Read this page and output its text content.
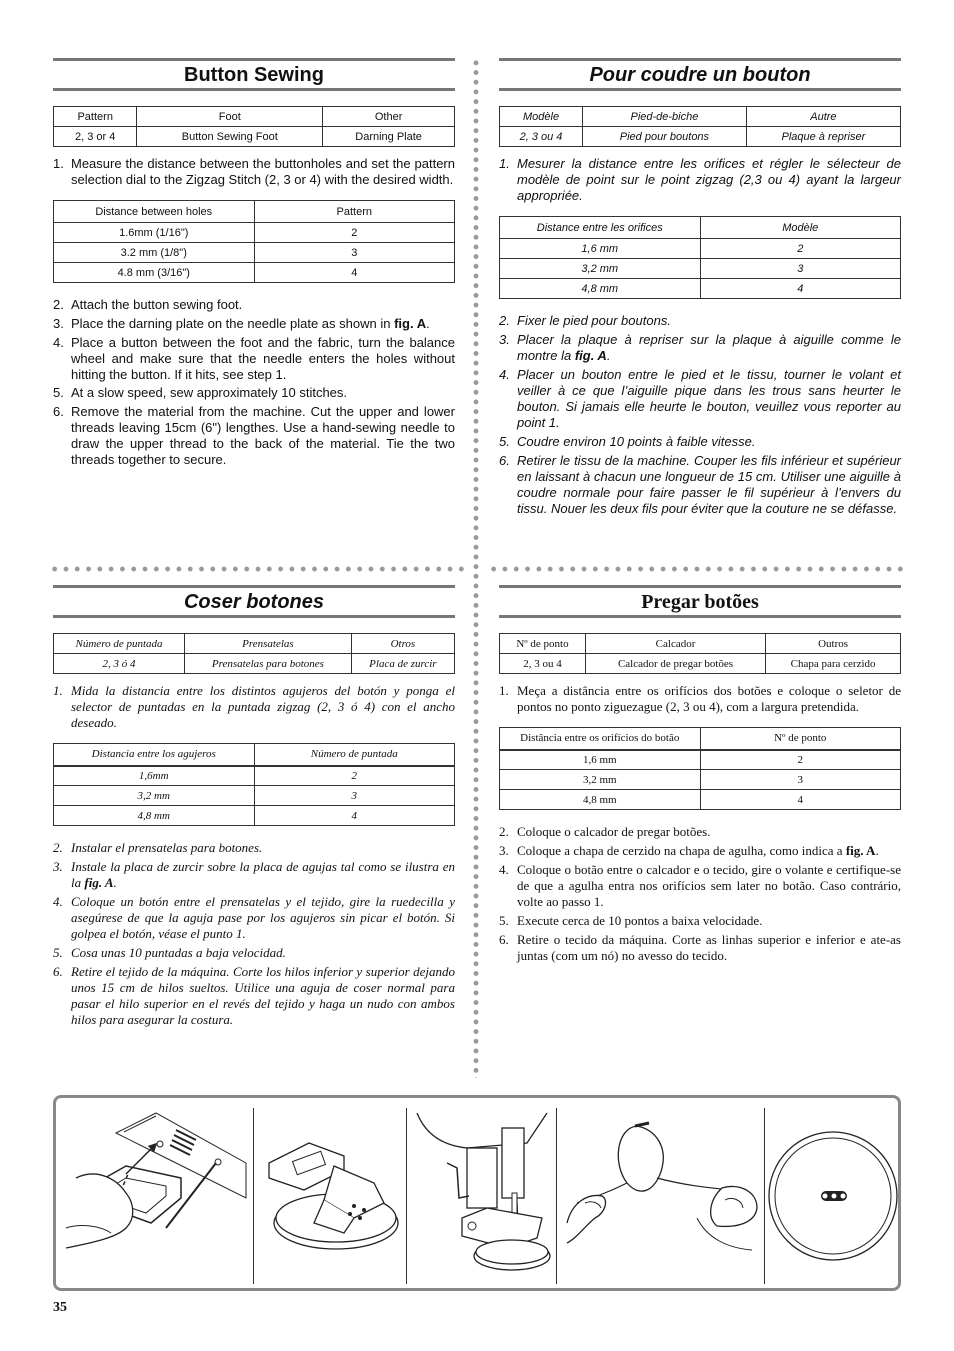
Button Sewing
Pattern	Foot	Other
2, 3 or 4	Button Sewing Foot	Darning Plate
1. Measure the distance between the buttonholes and set the pattern selection dial to the Zigzag Stitch (2, 3 or 4) with the desired width.
Distance between holes	Pattern
1.6mm (1/16")	2
3.2 mm (1/8")	3
4.8 mm (3/16")	4
2. Attach the button sewing foot.
3. Place the darning plate on the needle plate as shown in fig. A.
4. Place a button between the foot and the fabric, turn the balance wheel and make sure that the needle enters the holes without hitting the button. If it hits, see step 1.
5. At a slow speed, sew approximately 10 stitches.
6. Remove the material from the machine. Cut the upper and lower threads leaving 15cm (6") lengthes. Use a hand-sewing needle to draw the upper thread to the back of the material. Tie the two threads together to secure.
Pour coudre un bouton
Modèle	Pied-de-biche	Autre
2, 3 ou 4	Pied pour boutons	Plaque à repriser
1. Mesurer la distance entre les orifices et régler le sélecteur de modèle de point sur le point zigzag (2,3 ou 4) ayant la largeur appropriée.
Distance entre les orifices	Modèle
1,6 mm	2
3,2 mm	3
4,8 mm	4
2. Fixer le pied pour boutons.
3. Placer la plaque à repriser sur la plaque à aiguille comme le montre la fig. A.
4. Placer un bouton entre le pied et le tissu, tourner le volant et veiller à ce que l’aiguille pique dans les trous sans heurter le bouton. Si jamais elle heurte le bouton, veuillez vous reporter au point 1.
5. Coudre environ 10 points à faible vitesse.
6. Retirer le tissu de la machine. Couper les fils inférieur et supérieur en laissant à chacun une longueur de 15 cm. Utiliser une aiguille à coudre normale pour faire passer le fil supérieur à l’envers du tissu. Nouer les deux fils pour éviter que la couture ne se défasse.
Coser botones
Número de puntada	Prensatelas	Otros
2, 3 ó 4	Prensatelas para botones	Placa de zurcir
1. Mida la distancia entre los distintos agujeros del botón y ponga el selector de puntadas en la puntada zigzag (2, 3 ó 4) con el ancho deseado.
Distancia entre los agujeros	Número de puntada
1,6mm	2
3,2 mm	3
4,8 mm	4
2. Instalar el prensatelas para botones.
3. Instale la placa de zurcir sobre la placa de agujas tal como se ilustra en la fig. A.
4. Coloque un botón entre el prensatelas y el tejido, gire la ruedecilla y asegúrese de que la aguja pase por los agujeros sin picar el botón. Si golpea el botón, véase el punto 1.
5. Cosa unas 10 puntadas a baja velocidad.
6. Retire el tejido de la máquina. Corte los hilos inferior y superior dejando unos 15 cm de hilos sueltos. Utilice una aguja de coser normal para pasar el hilo superior en el revés del tejido y haga un nudo con ambos hilos para asegurar la costura.
Pregar botões
Nº de ponto	Calcador	Outros
2, 3 ou 4	Calcador de pregar botões	Chapa para cerzido
1. Meça a distância entre os orifícios dos botões e coloque o seletor de pontos no ponto ziguezague (2, 3 ou 4), com a largura pretendida.
Distância entre os orifícios do botão	Nº de ponto
1,6 mm	2
3,2 mm	3
4,8 mm	4
2. Coloque o calcador de pregar botões.
3. Coloque a chapa de cerzido na chapa de agulha, como indica a fig. A.
4. Coloque o botão entre o calcador e o tecido, gire o volante e certifique-se de que a agulha entra nos orifícios sem later no botão. Caso contrário, volte ao passo 1.
5. Execute cerca de 10 pontos a baixa velocidade.
6. Retire o tecido da máquina. Corte as linhas superior e inferior e ate-as juntas (com um nó) no avesso do tecido.
35
